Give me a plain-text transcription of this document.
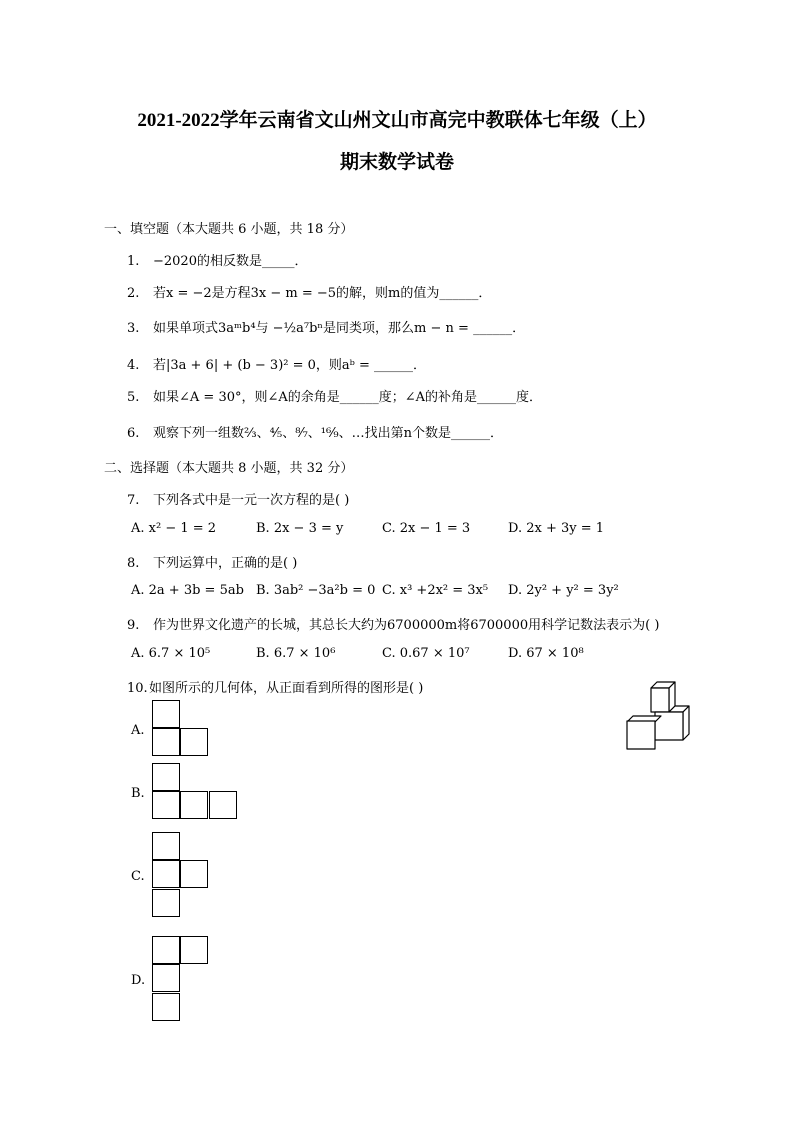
2021-2022学年云南省文山州文山市高完中教联体七年级（上）
期末数学试卷
一、填空题（本大题共 6 小题，共 18 分）
1. −2020的相反数是_____．
2. 若x = −2是方程3x − m = −5的解，则m的值为______．
3. 如果单项式3aᵐb⁴与 −½a⁷bⁿ是同类项，那么m − n = ______．
4. 若|3a + 6| + (b − 3)² = 0，则aᵇ = ______．
5. 如果∠A = 30°，则∠A的余角是______度；∠A的补角是______度．
6. 观察下列一组数⅔、⁴⁄₅、⁸⁄₇、¹⁶⁄₉、…找出第n个数是______．
二、选择题（本大题共 8 小题，共 32 分）
7. 下列各式中是一元一次方程的是( )
A. x² − 1 = 2	B. 2x − 3 = y	C. 2x − 1 = 3	D. 2x + 3y = 1
8. 下列运算中，正确的是( )
A. 2a + 3b = 5ab B. 3ab² −3a²b = 0 C. x³ +2x² = 3x⁵ D. 2y² + y² = 3y²
9. 作为世界文化遗产的长城，其总长大约为6700000m将6700000用科学记数法表示为( )
A. 6.7 × 10⁵	B. 6.7 × 10⁶	C. 0.67 × 10⁷	D. 67 × 10⁸
10.如图所示的几何体，从正面看到所得的图形是( )
A.
B.
C.
D.
